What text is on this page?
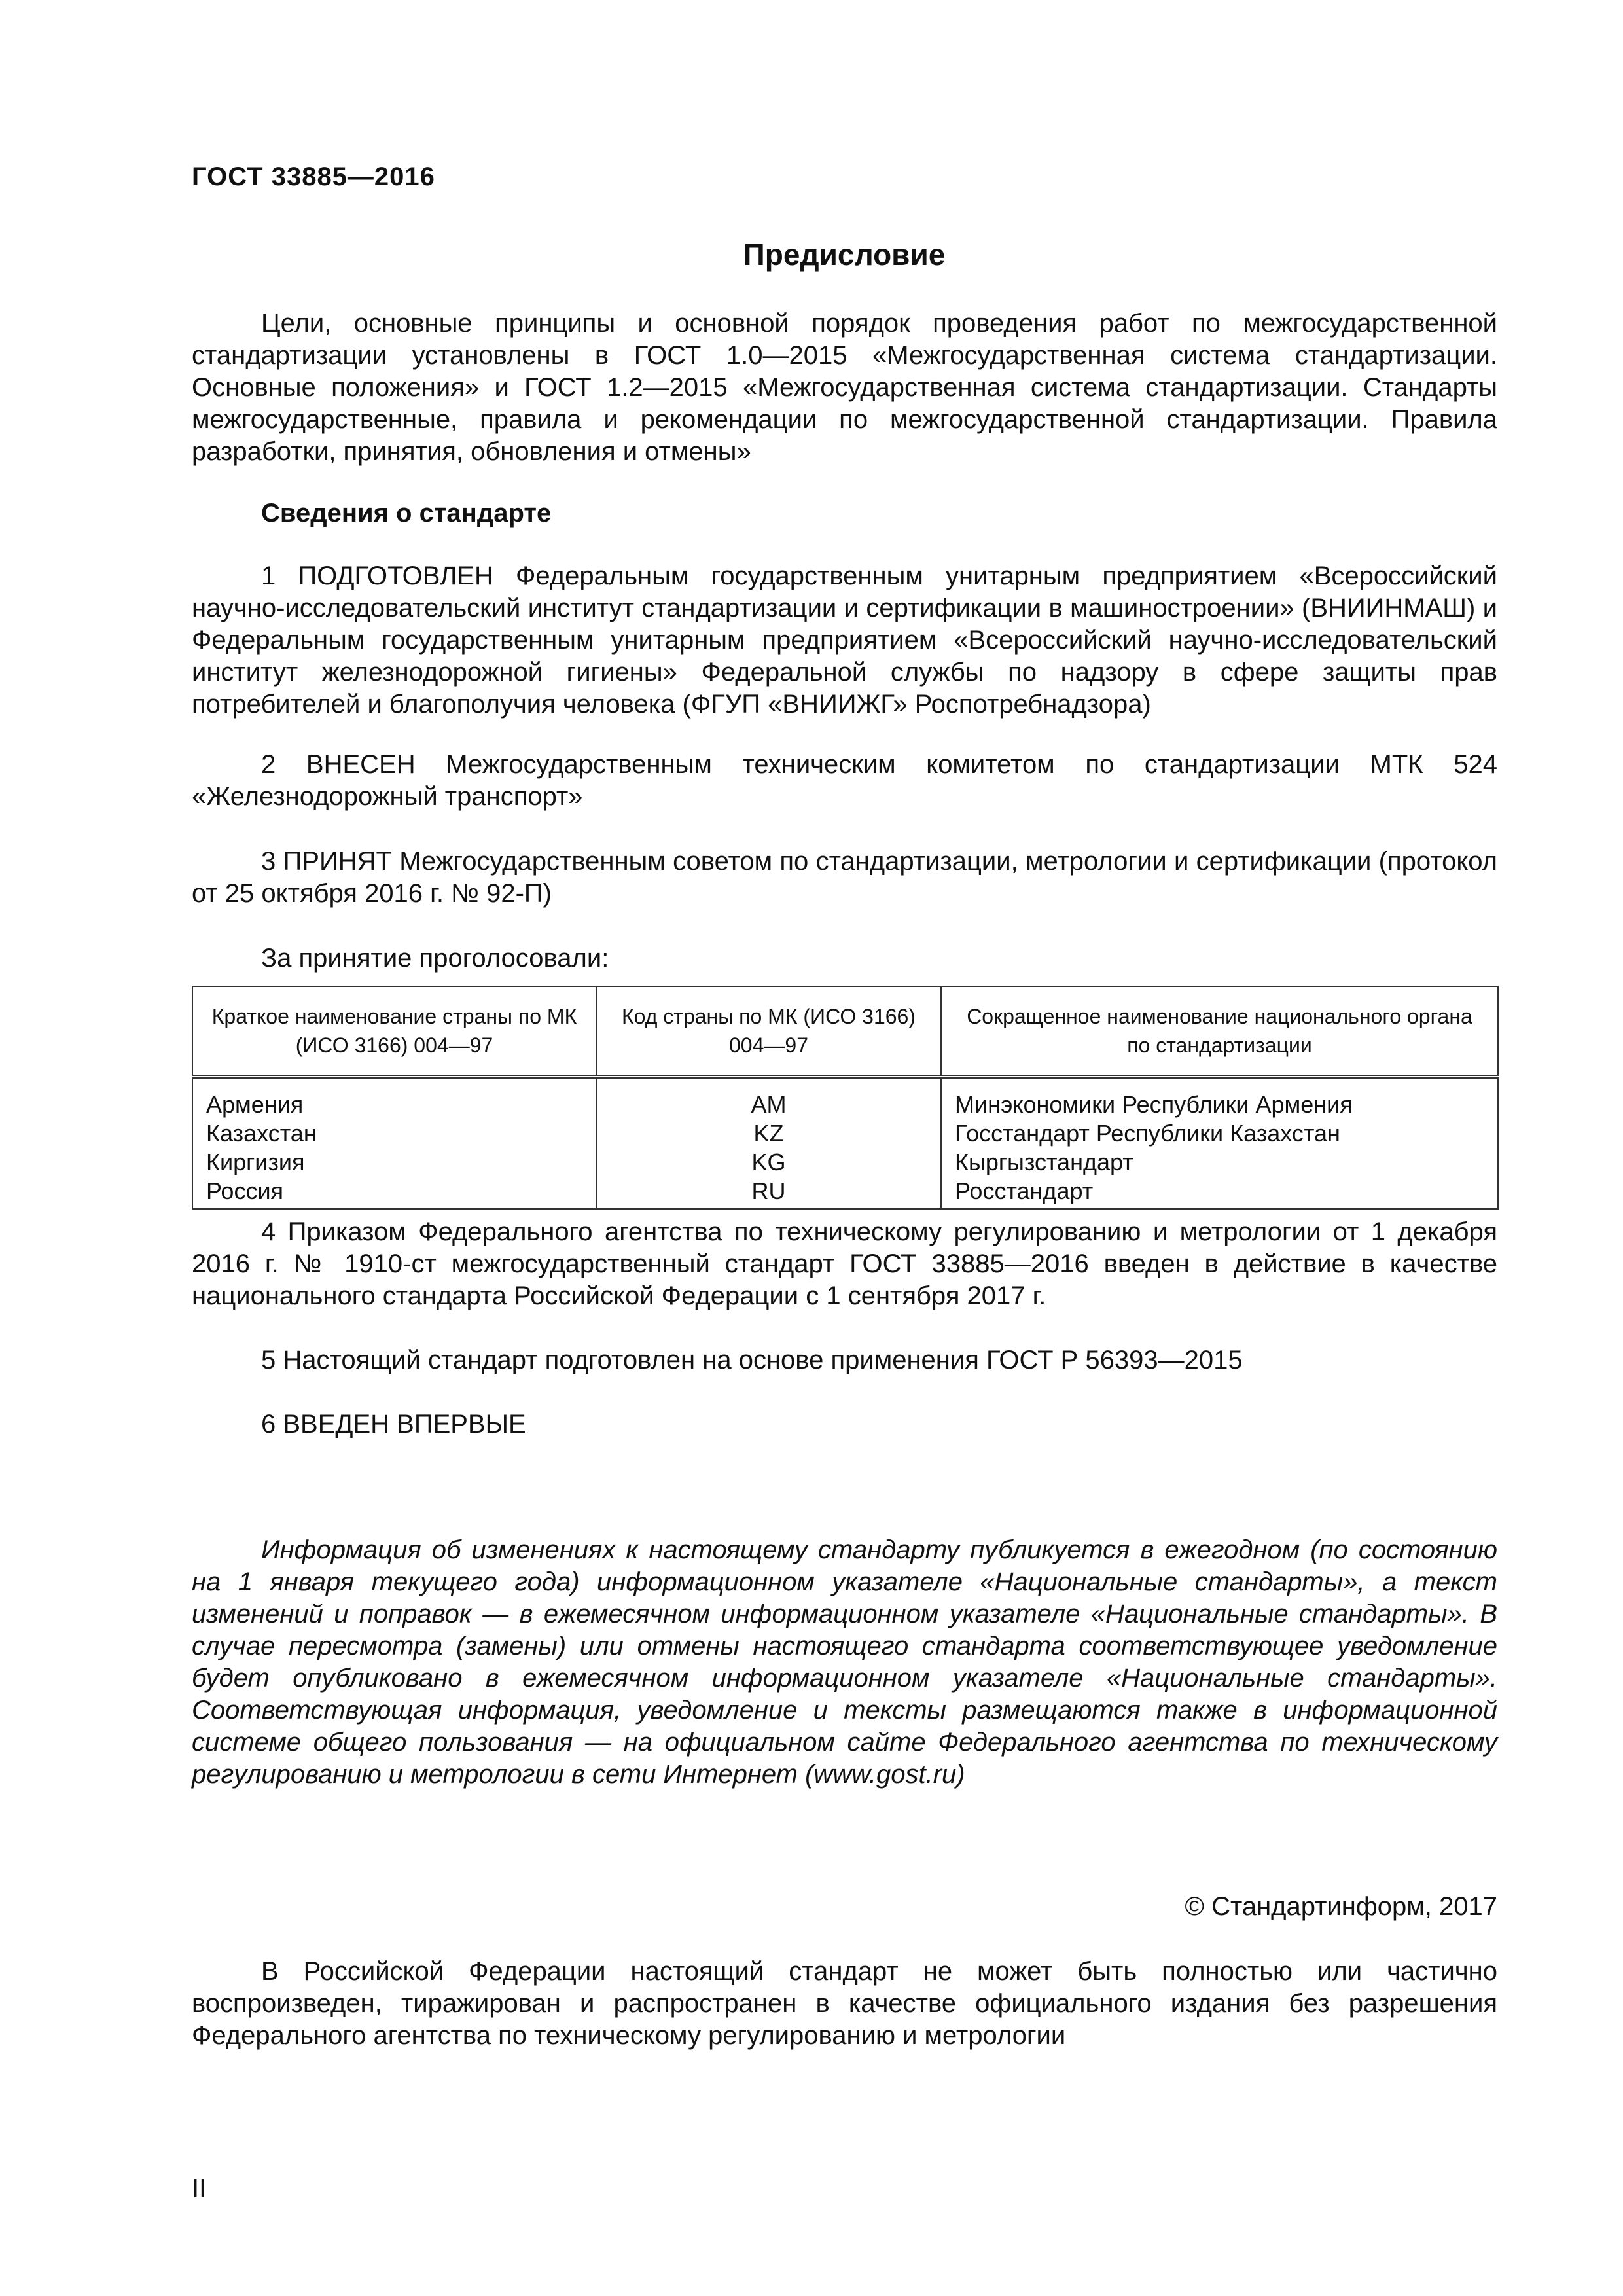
ГОСТ 33885—2016
Предисловие

Цели, основные принципы и основной порядок проведения работ по межгосударственной стандартизации установлены в ГОСТ 1.0—2015 «Межгосударственная система стандартизации. Основные положения» и ГОСТ 1.2—2015 «Межгосударственная система стандартизации. Стандарты межгосударственные, правила и рекомендации по межгосударственной стандартизации. Правила разработки, принятия, обновления и отмены»

Сведения о стандарте

1 ПОДГОТОВЛЕН Федеральным государственным унитарным предприятием «Всероссийский научно-исследовательский институт стандартизации и сертификации в машиностроении» (ВНИИНМАШ) и Федеральным государственным унитарным предприятием «Всероссийский научно-исследовательский институт железнодорожной гигиены» Федеральной службы по надзору в сфере защиты прав потребителей и благополучия человека (ФГУП «ВНИИЖГ» Роспотребнадзора)

2 ВНЕСЕН Межгосударственным техническим комитетом по стандартизации МТК 524 «Железнодорожный транспорт»

3 ПРИНЯТ Межгосударственным советом по стандартизации, метрологии и сертификации (протокол от 25 октября 2016 г. № 92-П)

За принятие проголосовали:
Краткое наименование страны по МК (ИСО 3166) 004—97	Код страны по МК (ИСО 3166) 004—97	Сокращенное наименование национального органа по стандартизации
Армения	AM	Минэкономики Республики Армения
Казахстан	KZ	Госстандарт Республики Казахстан
Киргизия	KG	Кыргызстандарт
Россия	RU	Росстандарт

4 Приказом Федерального агентства по техническому регулированию и метрологии от 1 декабря 2016 г. № 1910-ст межгосударственный стандарт ГОСТ 33885—2016 введен в действие в качестве национального стандарта Российской Федерации с 1 сентября 2017 г.

5 Настоящий стандарт подготовлен на основе применения ГОСТ Р 56393—2015
6 ВВЕДЕН ВПЕРВЫЕ

Информация об изменениях к настоящему стандарту публикуется в ежегодном (по состоянию на 1 января текущего года) информационном указателе «Национальные стандарты», а текст изменений и поправок — в ежемесячном информационном указателе «Национальные стандарты». В случае пересмотра (замены) или отмены настоящего стандарта соответствующее уведомление будет опубликовано в ежемесячном информационном указателе «Национальные стандарты». Соответствующая информация, уведомление и тексты размещаются также в информационной системе общего пользования — на официальном сайте Федерального агентства по техническому регулированию и метрологии в сети Интернет (www.gost.ru)

© Стандартинформ, 2017

В Российской Федерации настоящий стандарт не может быть полностью или частично воспроизведен, тиражирован и распространен в качестве официального издания без разрешения Федерального агентства по техническому регулированию и метрологии

II
